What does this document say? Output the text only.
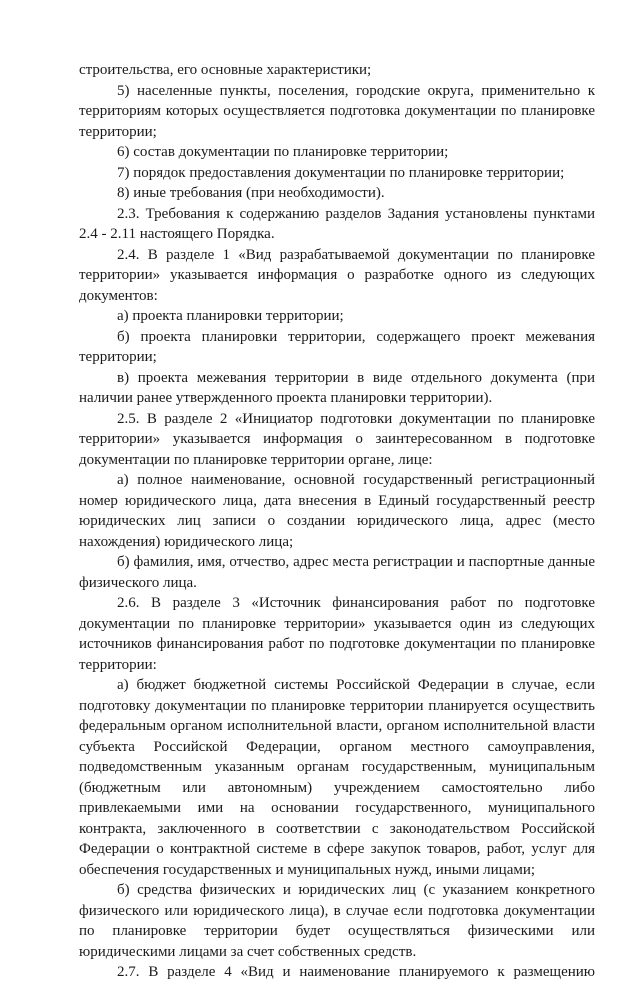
строительства, его основные характеристики;

5) населенные пункты, поселения, городские округа, применительно к территориям которых осуществляется подготовка документации по планировке территории;

6) состав документации по планировке территории;

7) порядок предоставления документации по планировке территории;

8) иные требования (при необходимости).

2.3. Требования к содержанию разделов Задания установлены пунктами 2.4 - 2.11 настоящего Порядка.

2.4. В разделе 1 «Вид разрабатываемой документации по планировке территории» указывается информация о разработке одного из следующих документов:

а) проекта планировки территории;

б) проекта планировки территории, содержащего проект межевания территории;

в) проекта межевания территории в виде отдельного документа (при наличии ранее утвержденного проекта планировки территории).

2.5. В разделе 2 «Инициатор подготовки документации по планировке территории» указывается информация о заинтересованном в подготовке документации по планировке территории органе, лице:

а) полное наименование, основной государственный регистрационный номер юридического лица, дата внесения в Единый государственный реестр юридических лиц записи о создании юридического лица, адрес (место нахождения) юридического лица;

б) фамилия, имя, отчество, адрес места регистрации и паспортные данные физического лица.

2.6. В разделе 3 «Источник финансирования работ по подготовке документации по планировке территории» указывается один из следующих источников финансирования работ по подготовке документации по планировке территории:

а) бюджет бюджетной системы Российской Федерации в случае, если подготовку документации по планировке территории планируется осуществить федеральным органом исполнительной власти, органом исполнительной власти субъекта Российской Федерации, органом местного самоуправления, подведомственным указанным органам государственным, муниципальным (бюджетным или автономным) учреждением самостоятельно либо привлекаемыми ими на основании государственного, муниципального контракта, заключенного в соответствии с законодательством Российской Федерации о контрактной системе в сфере закупок товаров, работ, услуг для обеспечения государственных и муниципальных нужд, иными лицами;

б) средства физических и юридических лиц (с указанием конкретного физического или юридического лица), в случае если подготовка документации по планировке территории будет осуществляться физическими или юридическими лицами за счет собственных средств.

2.7. В разделе 4 «Вид и наименование планируемого к размещению
